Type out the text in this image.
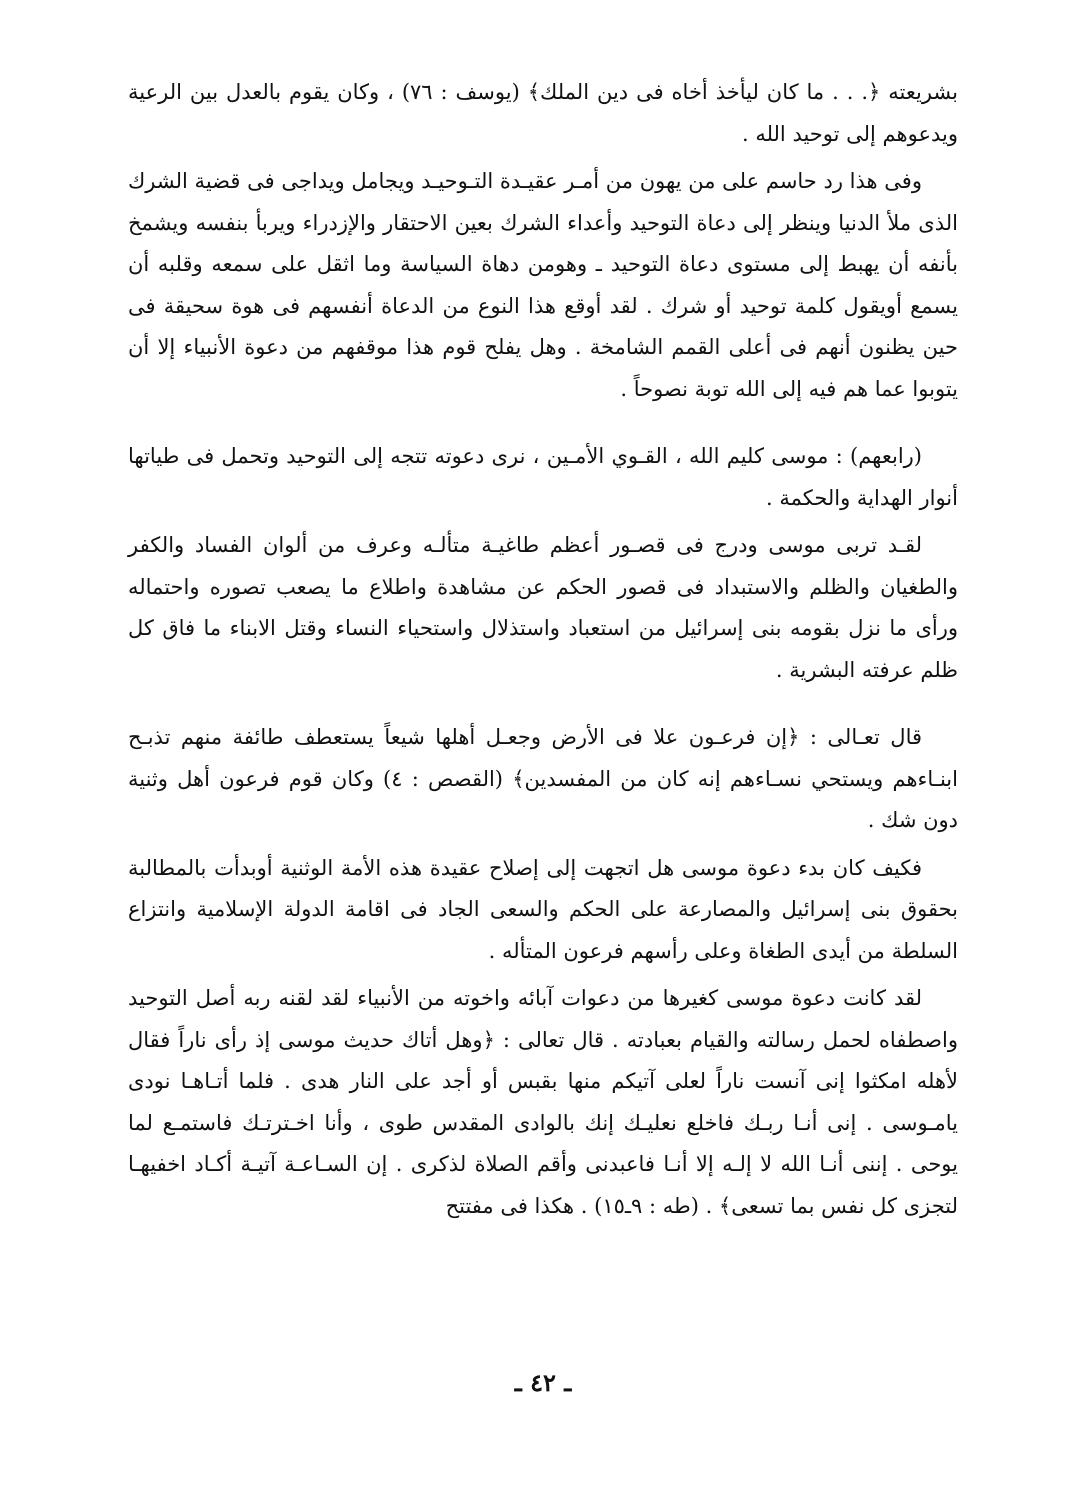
بشريعته ﴿. . . ما كان ليأخذ أخاه فى دين الملك﴾ (يوسف : ٧٦) ، وكان يقوم بالعدل بين الرعية ويدعوهم إلى توحيد الله .

وفى هذا رد حاسم على من يهون من أمـر عقيـدة التـوحيـد ويجامل ويداجى فى قضية الشرك الذى ملأ الدنيا وينظر إلى دعاة التوحيد وأعداء الشرك بعين الاحتقار والإزدراء ويربأ بنفسه ويشمخ بأنفه أن يهبط إلى مستوى دعاة التوحيد ـ وهومن دهاة السياسة وما اثقل على سمعه وقلبه أن يسمع أويقول كلمة توحيد أو شرك . لقد أوقع هذا النوع من الدعاة أنفسهم فى هوة سحيقة فى حين يظنون أنهم فى أعلى القمم الشامخة . وهل يفلح قوم هذا موقفهم من دعوة الأنبياء إلا أن يتوبوا عما هم فيه إلى الله توبة نصوحاً .

(رابعهم) : موسى كليم الله ، القـوي الأمـين ، نرى دعوته تتجه إلى التوحيد وتحمل فى طياتها أنوار الهداية والحكمة .

لقـد تربى موسى ودرج فى قصـور أعظم طاغيـة متألـه وعرف من ألوان الفساد والكفر والطغيان والظلم والاستبداد فى قصور الحكم عن مشاهدة واطلاع ما يصعب تصوره واحتماله ورأى ما نزل بقومه بنى إسرائيل من استعباد واستذلال واستحياء النساء وقتل الابناء ما فاق كل ظلم عرفته البشرية .

قال تعـالى : ﴿إن فرعـون علا فى الأرض وجعـل أهلها شيعاً يستعطف طائفة منهم تذبـح ابنـاءهم ويستحي نسـاءهم إنه كان من المفسدين﴾ (القصص : ٤) وكان قوم فرعون أهل وثنية دون شك .

فكيف كان بدء دعوة موسى هل اتجهت إلى إصلاح عقيدة هذه الأمة الوثنية أوبدأت بالمطالبة بحقوق بنى إسرائيل والمصارعة على الحكم والسعى الجاد فى اقامة الدولة الإسلامية وانتزاع السلطة من أيدى الطغاة وعلى رأسهم فرعون المتأله .

لقد كانت دعوة موسى كغيرها من دعوات آبائه واخوته من الأنبياء لقد لقنه ربه أصل التوحيد واصطفاه لحمل رسالته والقيام بعبادته . قال تعالى : ﴿وهل أتاك حديث موسى إذ رأى ناراً فقال لأهله امكثوا إنى آنست ناراً لعلى آتيكم منها بقبس أو أجد على النار هدى . فلما أتـاهـا نودى يامـوسى . إنى أنـا ربـك فاخلع نعليـك إنك بالوادى المقدس طوى ، وأنا اخـترتـك فاستمـع لما يوحى . إننى أنـا الله لا إلـه إلا أنـا فاعبدنى وأقم الصلاة لذكرى . إن السـاعـة آتيـة أكـاد اخفيهـا لتجزى كل نفس بما تسعى﴾ . (طه : ٩ـ١٥) . هكذا فى مفتتح

ـ ٤٢ ـ
